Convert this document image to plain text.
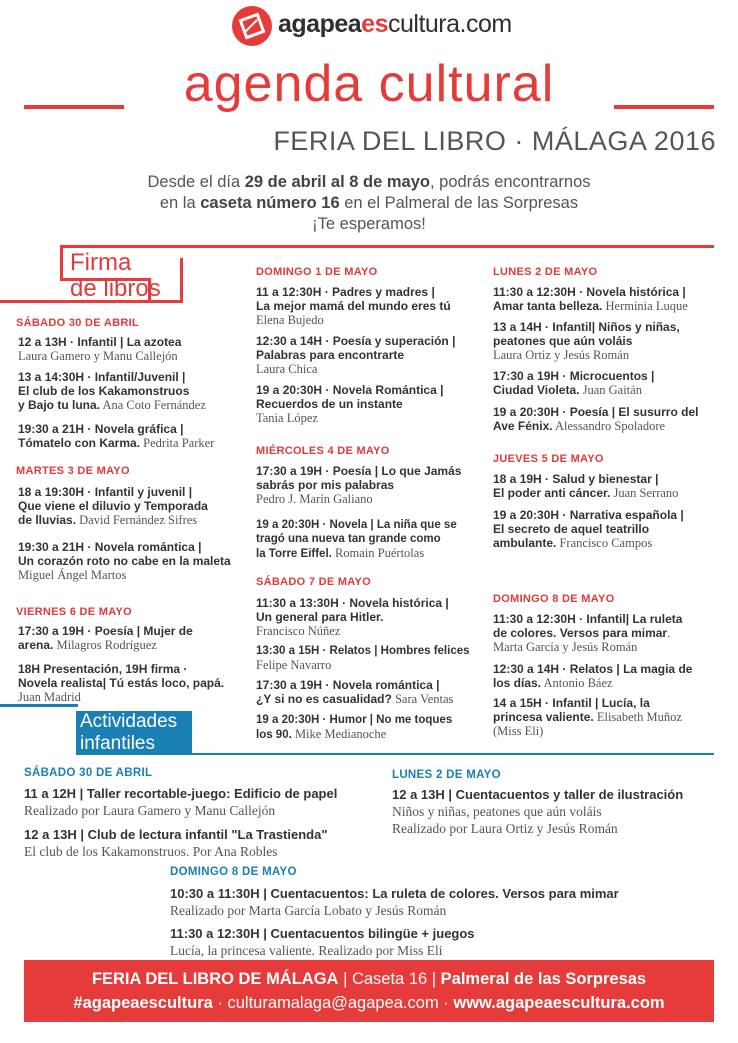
agapeaescultura.com
agenda cultural
FERIA DEL LIBRO · MÁLAGA 2016
Desde el día 29 de abril al 8 de mayo, podrás encontrarnos
en la caseta número 16 en el Palmeral de las Sorpresas
¡Te esperamos!
Firma
de libros
SÁBADO 30 DE ABRIL
12 a 13H · Infantil | La azotea
Laura Gamero y Manu Callejón
13 a 14:30H · Infantil/Juvenil |
El club de los Kakamonstruos
y Bajo tu luna. Ana Coto Fernández
19:30 a 21H · Novela gráfica |
Tómatelo con Karma. Pedrita Parker
MARTES 3 DE MAYO
18 a 19:30H · Infantil y juvenil |
Que viene el diluvio y Temporada
de lluvias. David Fernández Sifres
19:30 a 21H · Novela romántica |
Un corazón roto no cabe en la maleta
Miguel Ángel Martos
VIERNES 6 DE MAYO
17:30 a 19H · Poesía | Mujer de
arena. Milagros Rodríguez
18H Presentación, 19H firma ·
Novela realista| Tú estás loco, papá.
Juan Madrid
DOMINGO 1 DE MAYO
11 a 12:30H · Padres y madres |
La mejor mamá del mundo eres tú
Elena Bujedo
12:30 a 14H · Poesía y superación |
Palabras para encontrarte
Laura Chica
19 a 20:30H · Novela Romántica |
Recuerdos de un instante
Tania López
MIÉRCOLES 4 DE MAYO
17:30 a 19H · Poesía | Lo que Jamás
sabrás por mis palabras
Pedro J. Marín Galiano
19 a 20:30H · Novela | La niña que se
tragó una nueva tan grande como
la Torre Eiffel. Romain Puértolas
SÁBADO 7 DE MAYO
11:30 a 13:30H · Novela histórica |
Un general para Hitler.
Francisco Núñez
13:30 a 15H · Relatos | Hombres felices
Felipe Navarro
17:30 a 19H · Novela romántica |
¿Y si no es casualidad? Sara Ventas
19 a 20:30H · Humor | No me toques
los 90. Mike Medianoche
LUNES 2 DE MAYO
11:30 a 12:30H · Novela histórica |
Amar tanta belleza. Herminia Luque
13 a 14H · Infantil| Niños y niñas,
peatones que aún voláis
Laura Ortiz y Jesús Román
17:30 a 19H · Microcuentos |
Ciudad Violeta. Juan Gaitán
19 a 20:30H · Poesía | El susurro del
Ave Fénix. Alessandro Spoladore
JUEVES 5 DE MAYO
18 a 19H · Salud y bienestar |
El poder anti cáncer. Juan Serrano
19 a 20:30H · Narrativa española |
El secreto de aquel teatrillo
ambulante. Francisco Campos
DOMINGO 8 DE MAYO
11:30 a 12:30H · Infantil| La ruleta
de colores. Versos para mimar.
Marta García y Jesús Román
12:30 a 14H · Relatos | La magia de
los días. Antonio Báez
14 a 15H · Infantil | Lucía, la
princesa valiente. Elisabeth Muñoz
(Miss Eli)
Actividades
infantiles
SÁBADO 30 DE ABRIL
11 a 12H | Taller recortable-juego: Edificio de papel
Realizado por Laura Gamero y Manu Callejón
12 a 13H | Club de lectura infantil "La Trastienda"
El club de los Kakamonstruos. Por Ana Robles
LUNES 2 DE MAYO
12 a 13H | Cuentacuentos y taller de ilustración
Niños y niñas, peatones que aún voláis
Realizado por Laura Ortiz y Jesús Román
DOMINGO 8 DE MAYO
10:30 a 11:30H | Cuentacuentos: La ruleta de colores. Versos para mimar
Realizado por Marta García Lobato y Jesús Román
11:30 a 12:30H | Cuentacuentos bilingüe + juegos
Lucía, la princesa valiente. Realizado por Miss Eli
FERIA DEL LIBRO DE MÁLAGA | Caseta 16 | Palmeral de las Sorpresas
#agapeaescultura · culturamalaga@agapea.com · www.agapeaescultura.com
